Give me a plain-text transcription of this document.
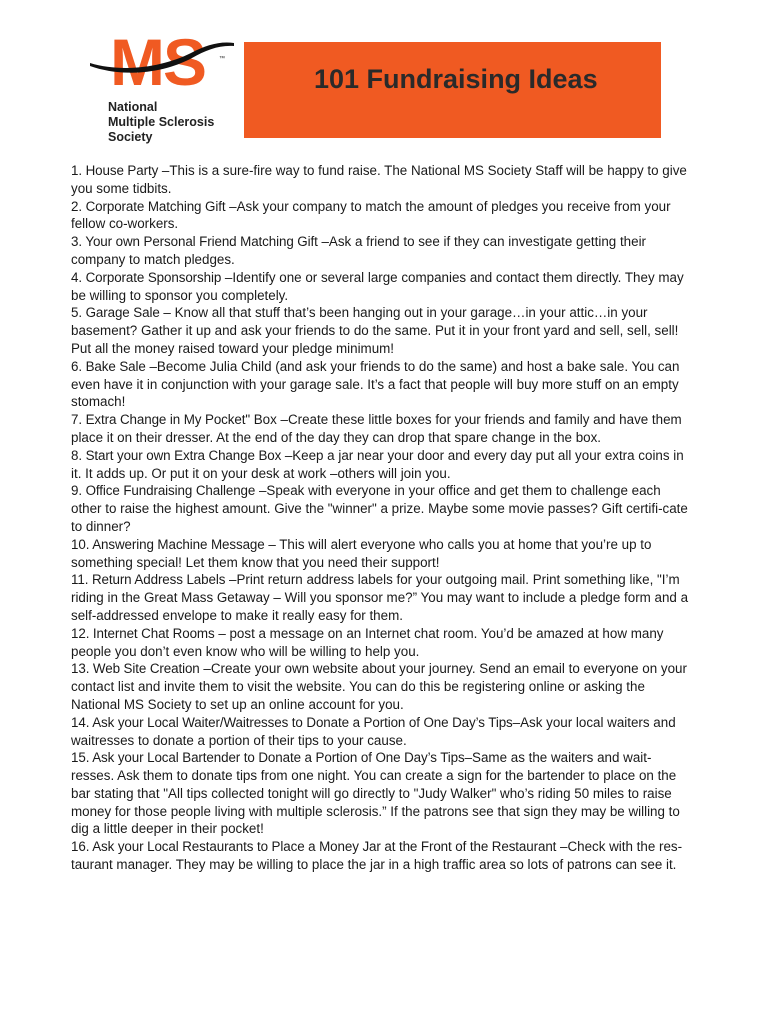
MS ™
National
Multiple Sclerosis
Society
101 Fundraising Ideas

1. House Party –This is a sure-fire way to fund raise. The National MS Society Staff will be happy to give you some tidbits.

2. Corporate Matching Gift –Ask your company to match the amount of pledges you receive from your fellow co-workers.

3. Your own Personal Friend Matching Gift –Ask a friend to see if they can investigate getting their company to match pledges.

4. Corporate Sponsorship –Identify one or several large companies and contact them directly. They may be willing to sponsor you completely.

5. Garage Sale – Know all that stuff that’s been hanging out in your garage…in your attic…in your basement? Gather it up and ask your friends to do the same. Put it in your front yard and sell, sell, sell! Put all the money raised toward your pledge minimum!

6. Bake Sale –Become Julia Child (and ask your friends to do the same) and host a bake sale. You can even have it in conjunction with your garage sale. It’s a fact that people will buy more stuff on an empty stomach!

7. Extra Change in My Pocket" Box –Create these little boxes for your friends and family and have them place it on their dresser. At the end of the day they can drop that spare change in the box.

8. Start your own Extra Change Box –Keep a jar near your door and every day put all your extra coins in it. It adds up. Or put it on your desk at work –others will join you.

9. Office Fundraising Challenge –Speak with everyone in your office and get them to challenge each other to raise the highest amount. Give the "winner" a prize. Maybe some movie passes? Gift certifi-cate to dinner?

10. Answering Machine Message – This will alert everyone who calls you at home that you’re up to something special! Let them know that you need their support!

11. Return Address Labels –Print return address labels for your outgoing mail. Print something like, "I’m riding in the Great Mass Getaway – Will you sponsor me?” You may want to include a pledge form and a self-addressed envelope to make it really easy for them.

12. Internet Chat Rooms – post a message on an Internet chat room. You’d be amazed at how many people you don’t even know who will be willing to help you.

13. Web Site Creation –Create your own website about your journey. Send an email to everyone on your contact list and invite them to visit the website. You can do this be registering online or asking the National MS Society to set up an online account for you.

14. Ask your Local Waiter/Waitresses to Donate a Portion of One Day’s Tips–Ask your local waiters and waitresses to donate a portion of their tips to your cause.

15. Ask your Local Bartender to Donate a Portion of One Day’s Tips–Same as the waiters and wait-resses. Ask them to donate tips from one night. You can create a sign for the bartender to place on the bar stating that "All tips collected tonight will go directly to "Judy Walker" who’s riding 50 miles to raise money for those people living with multiple sclerosis.” If the patrons see that sign they may be willing to dig a little deeper in their pocket!

16. Ask your Local Restaurants to Place a Money Jar at the Front of the Restaurant –Check with the res-taurant manager. They may be willing to place the jar in a high traffic area so lots of patrons can see it.
